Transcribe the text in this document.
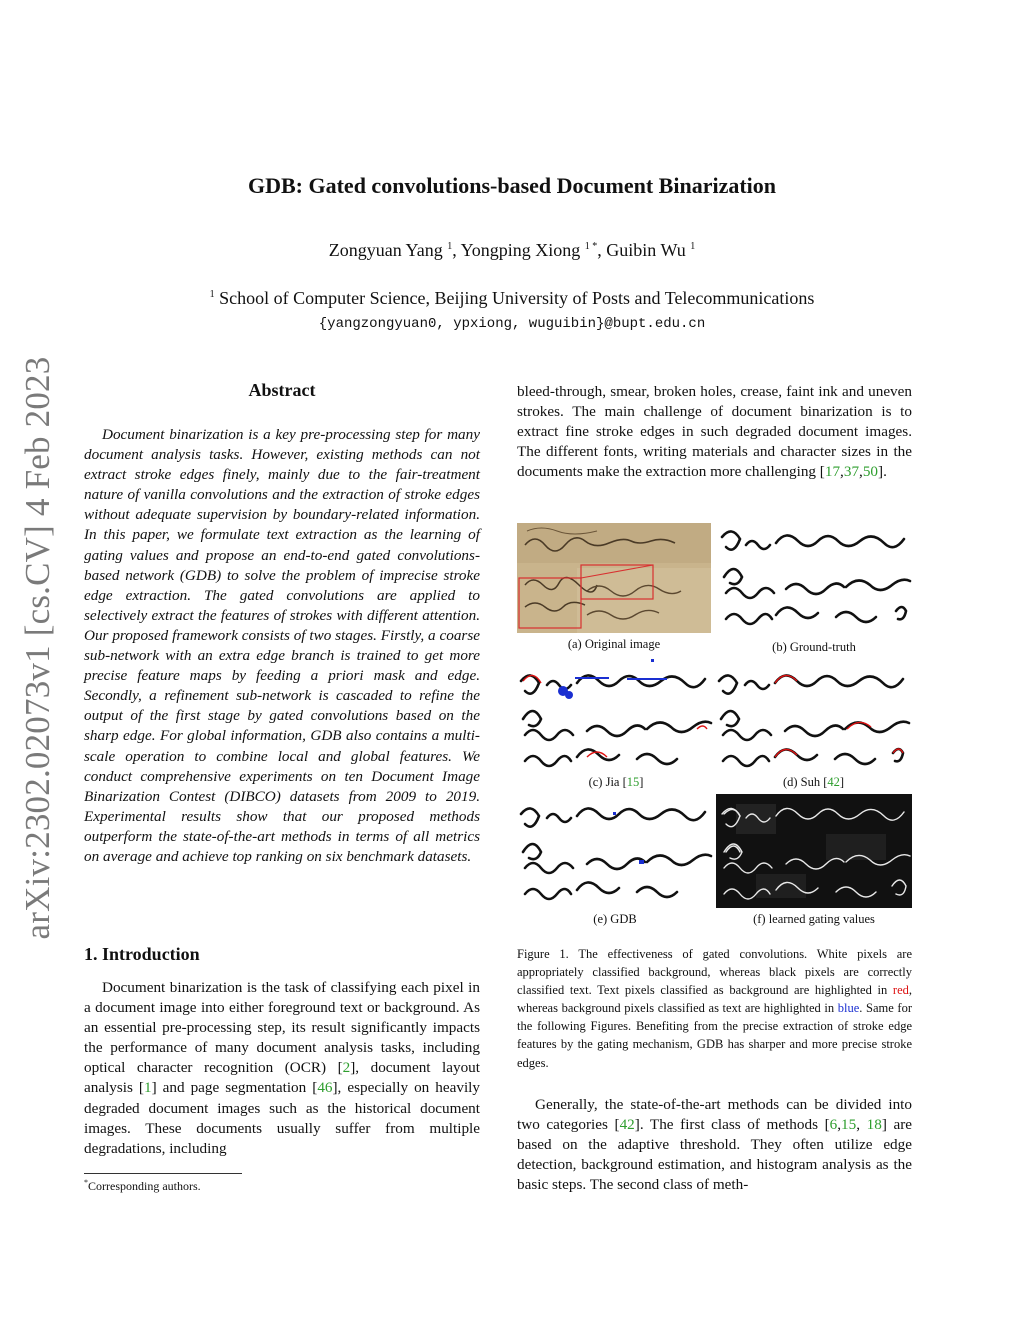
arXiv:2302.02073v1 [cs.CV] 4 Feb 2023
GDB: Gated convolutions-based Document Binarization
Zongyuan Yang $^1$, Yongping Xiong $^{1 *}$, Guibin Wu $^1$
$^1$ School of Computer Science, Beijing University of Posts and Telecommunications
{yangzongyuan0, ypxiong, wuguibin}@bupt.edu.cn
Abstract
Document binarization is a key pre-processing step for many document analysis tasks. However, existing methods can not extract stroke edges finely, mainly due to the fair-treatment nature of vanilla convolutions and the extraction of stroke edges without adequate supervision by boundary-related information. In this paper, we formulate text extraction as the learning of gating values and propose an end-to-end gated convolutions-based network (GDB) to solve the problem of imprecise stroke edge extraction. The gated convolutions are applied to selectively extract the features of strokes with different attention. Our proposed framework consists of two stages. Firstly, a coarse sub-network with an extra edge branch is trained to get more precise feature maps by feeding a priori mask and edge. Secondly, a refinement sub-network is cascaded to refine the output of the first stage by gated convolutions based on the sharp edge. For global information, GDB also contains a multi-scale operation to combine local and global features. We conduct comprehensive experiments on ten Document Image Binarization Contest (DIBCO) datasets from 2009 to 2019. Experimental results show that our proposed methods outperform the state-of-the-art methods in terms of all metrics on average and achieve top ranking on six benchmark datasets.
1. Introduction
Document binarization is the task of classifying each pixel in a document image into either foreground text or background. As an essential pre-processing step, its result significantly impacts the performance of many document analysis tasks, including optical character recognition (OCR) [2], document layout analysis [1] and page segmentation [46], especially on heavily degraded document images such as the historical document images. These documents usually suffer from multiple degradations, including
*Corresponding authors.
bleed-through, smear, broken holes, crease, faint ink and uneven strokes. The main challenge of document binarization is to extract fine stroke edges in such degraded document images. The different fonts, writing materials and character sizes in the documents make the extraction more challenging [17,37,50].
(a) Original image	(b) Ground-truth
(c) Jia [15]	(d) Suh [42]
(e) GDB	(f) learned gating values
Figure 1. The effectiveness of gated convolutions. White pixels are appropriately classified background, whereas black pixels are correctly classified text. Text pixels classified as background are highlighted in red, whereas background pixels classified as text are highlighted in blue. Same for the following Figures. Benefiting from the precise extraction of stroke edge features by the gating mechanism, GDB has sharper and more precise stroke edges.
Generally, the state-of-the-art methods can be divided into two categories [42]. The first class of methods [6,15, 18] are based on the adaptive threshold. They often utilize edge detection, background estimation, and histogram analysis as the basic steps. The second class of meth-
